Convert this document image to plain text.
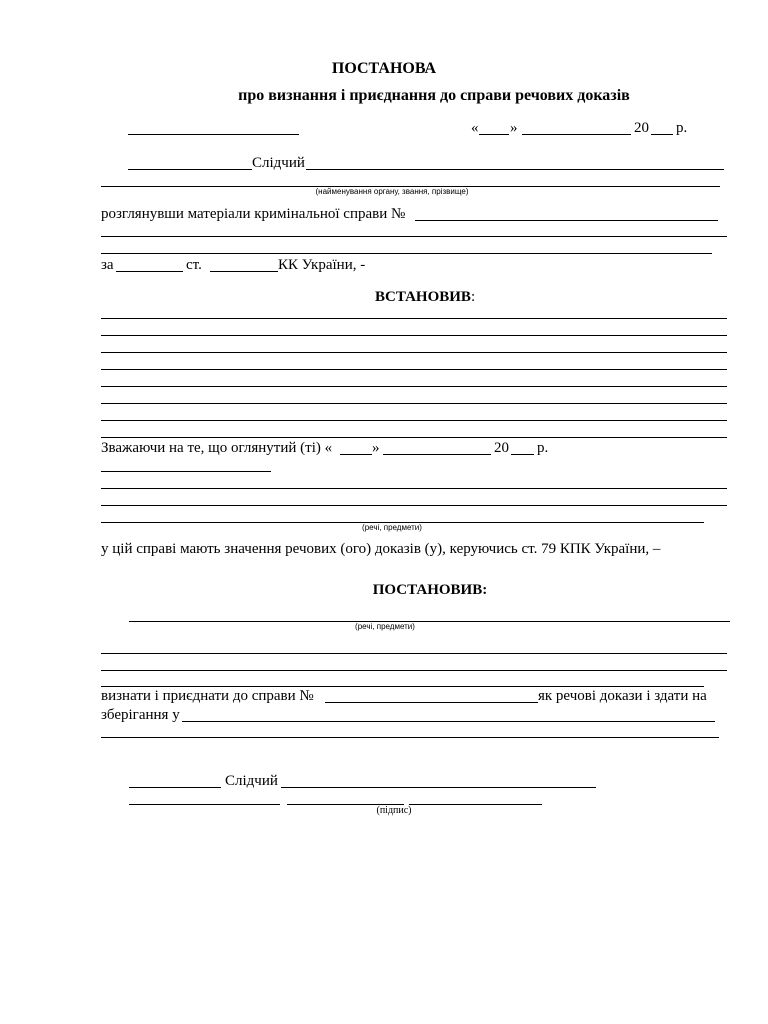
ПОСТАНОВА
про визнання і приєднання до справи речових доказів
« »	20 р.
Слідчий
(найменування органу, звання, прізвище)
розглянувши матеріали кримінальної справи №
за	ст.	КК України, -
ВСТАНОВИВ:
Зважаючи на те, що оглянутий (ті) «	»	20 р.
(речі, предмети)
у цій справі мають значення речових (ого) доказів (у), керуючись ст. 79 КПК України, –
ПОСТАНОВИВ:
(речі, предмети)
визнати і приєднати до справи №	як речові докази і здати на
зберігання у
Слідчий
(підпис)
